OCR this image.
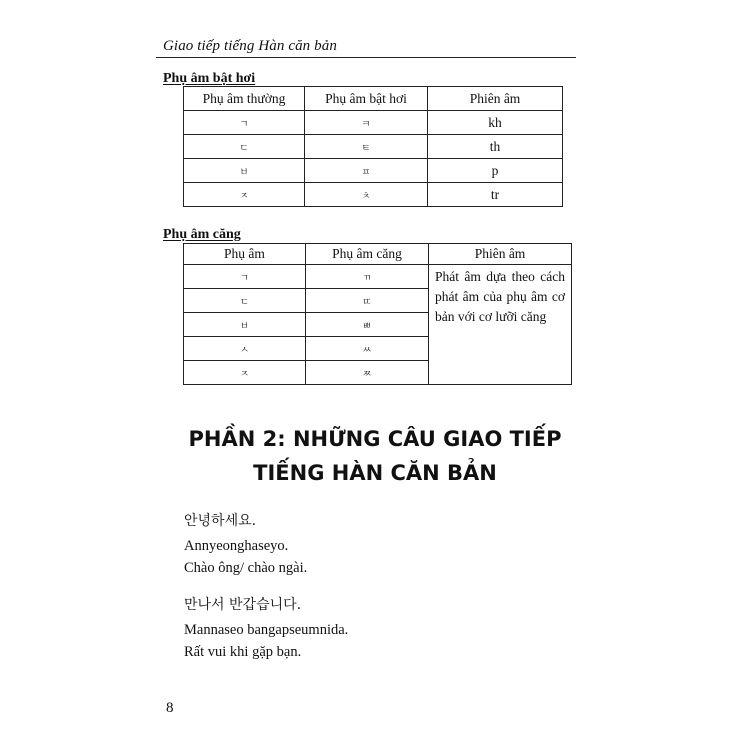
Giao tiếp tiếng Hàn căn bản
Phụ âm bật hơi
Phụ âm thường	Phụ âm bật hơi	Phiên âm
ㄱ	ㅋ	kh
ㄷ	ㅌ	th
ㅂ	ㅍ	p
ㅈ	ㅊ	tr
Phụ âm căng
Phụ âm	Phụ âm căng	Phiên âm
ㄱ	ㄲ	Phát âm dựa theo cách phát âm của phụ âm cơ bản với cơ lưỡi căng
ㄷ	ㄸ	
ㅂ	ㅃ	
ㅅ	ㅆ	
ㅈ	ㅉ	
PHẦN 2: NHỮNG CÂU GIAO TIẾP
TIẾNG HÀN CĂN BẢN
안녕하세요.
Annyeonghaseyo.
Chào ông/ chào ngài.
만나서 반갑습니다.
Mannaseo bangapseumnida.
Rất vui khi gặp bạn.
8
